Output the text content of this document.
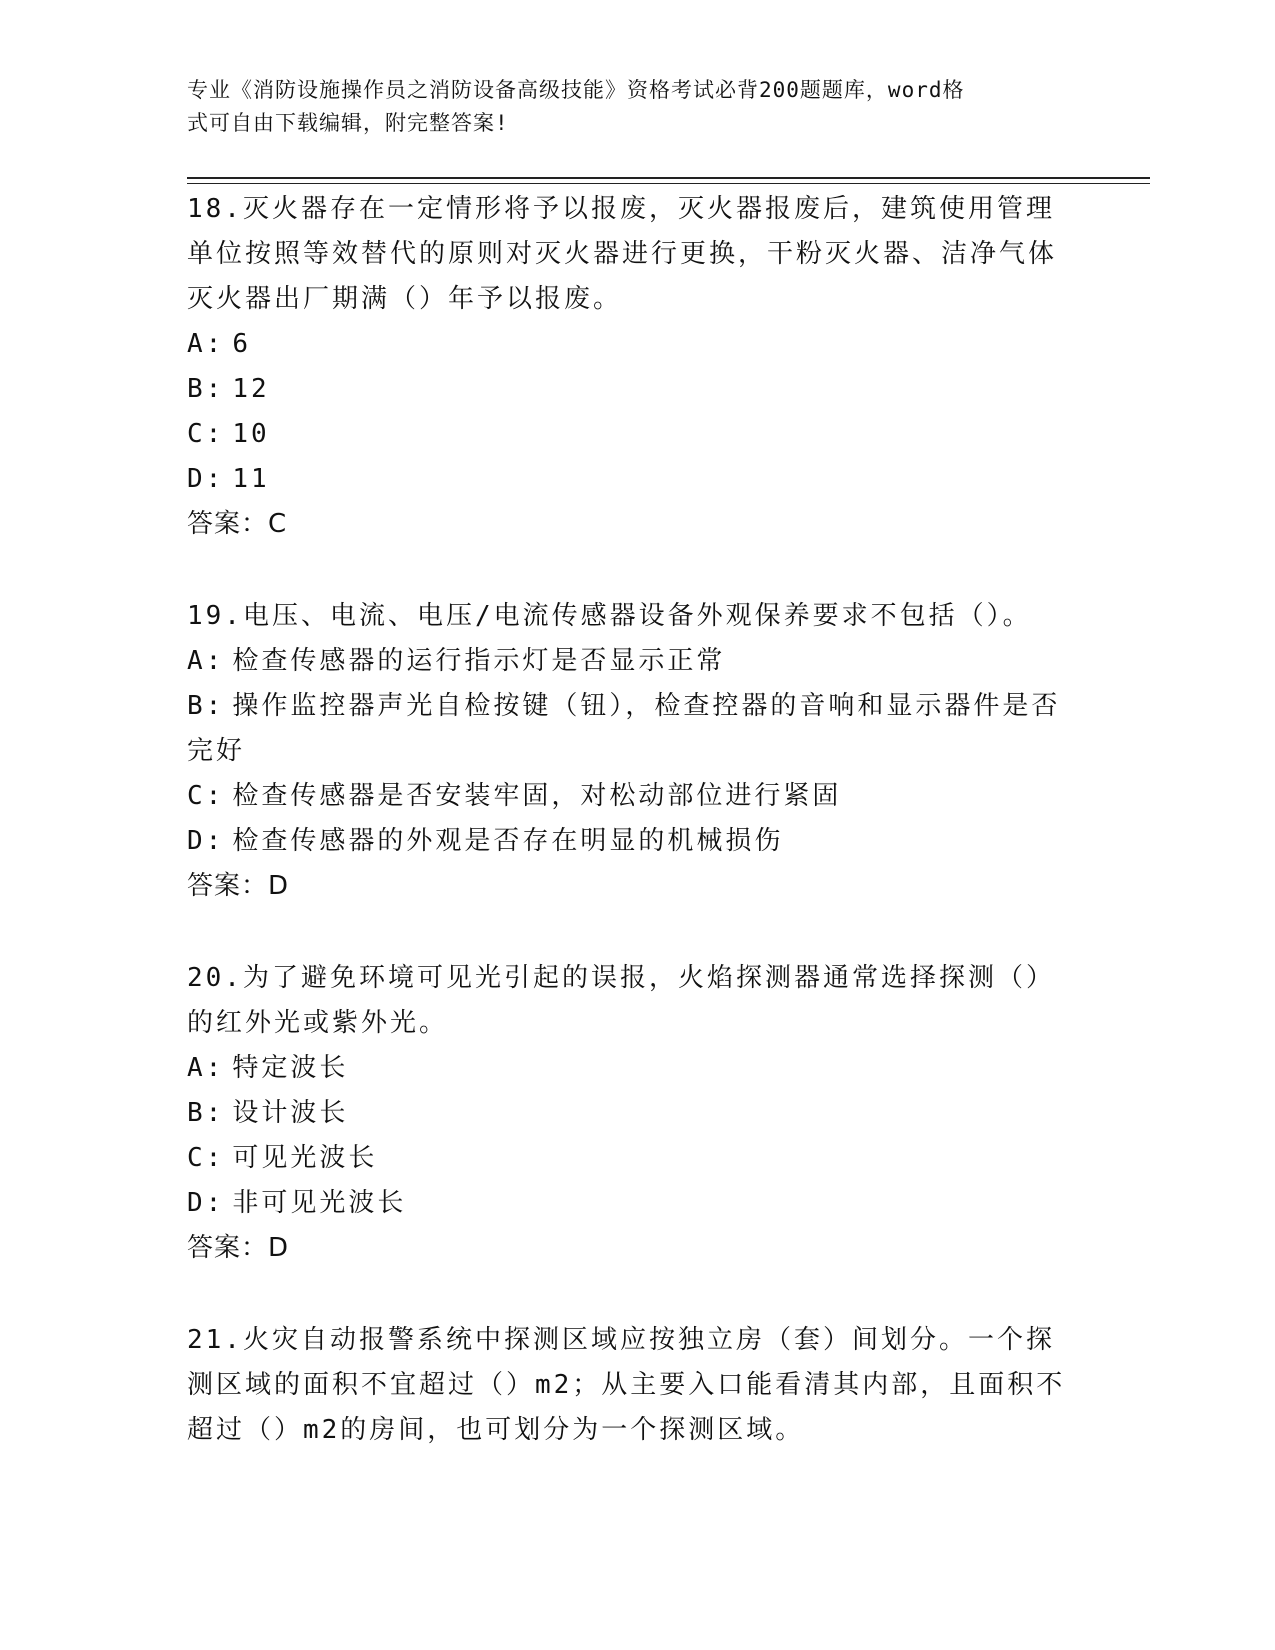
专业《消防设施操作员之消防设备高级技能》资格考试必背200题题库，word格
式可自由下载编辑，附完整答案!
18.灭火器存在一定情形将予以报废，灭火器报废后，建筑使用管理单位按照等效替代的原则对灭火器进行更换，干粉灭火器、洁净气体灭火器出厂期满（）年予以报废。
A: 6
B: 12
C: 10
D: 11
答案：C
19.电压、电流、电压/电流传感器设备外观保养要求不包括（）。
A: 检查传感器的运行指示灯是否显示正常
B: 操作监控器声光自检按键（钮），检查控器的音响和显示器件是否完好
C: 检查传感器是否安装牢固，对松动部位进行紧固
D: 检查传感器的外观是否存在明显的机械损伤
答案：D
20.为了避免环境可见光引起的误报，火焰探测器通常选择探测（）的红外光或紫外光。
A: 特定波长
B: 设计波长
C: 可见光波长
D: 非可见光波长
答案：D
21.火灾自动报警系统中探测区域应按独立房（套）间划分。一个探测区域的面积不宜超过（）m2；从主要入口能看清其内部，且面积不超过（）m2的房间，也可划分为一个探测区域。
